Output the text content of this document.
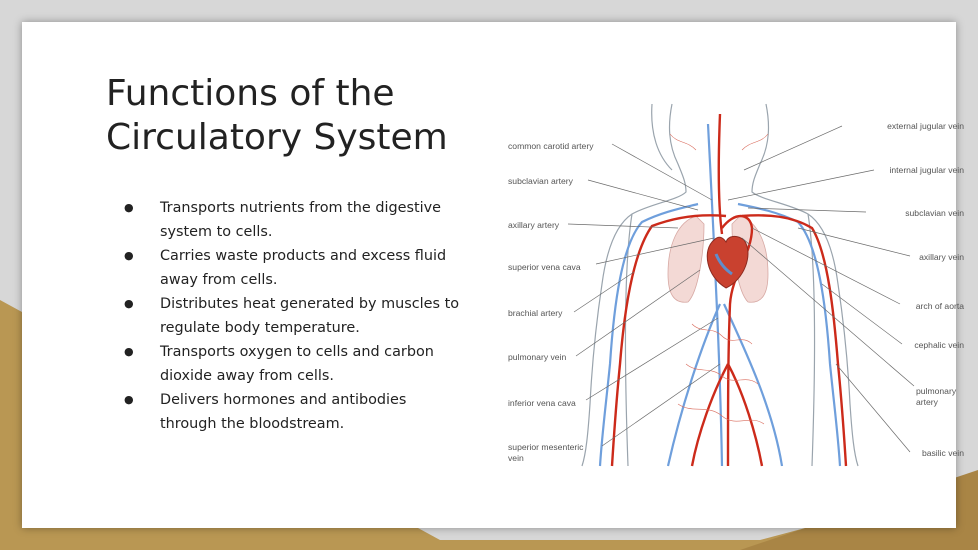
Functions of the Circulatory System
● Transports nutrients from the digestive system to cells.
● Carries waste products and excess fluid away from cells.
● Distributes heat generated by muscles to regulate body temperature.
● Transports oxygen to cells and carbon dioxide away from cells.
● Delivers hormones and antibodies through the bloodstream.
common carotid artery
subclavian artery
axillary artery
superior vena cava
brachial artery
pulmonary vein
inferior vena cava
superior mesenteric
vein
external jugular vein
internal jugular vein
subclavian vein
axillary vein
arch of aorta
cephalic vein
pulmonary
artery
basilic vein
